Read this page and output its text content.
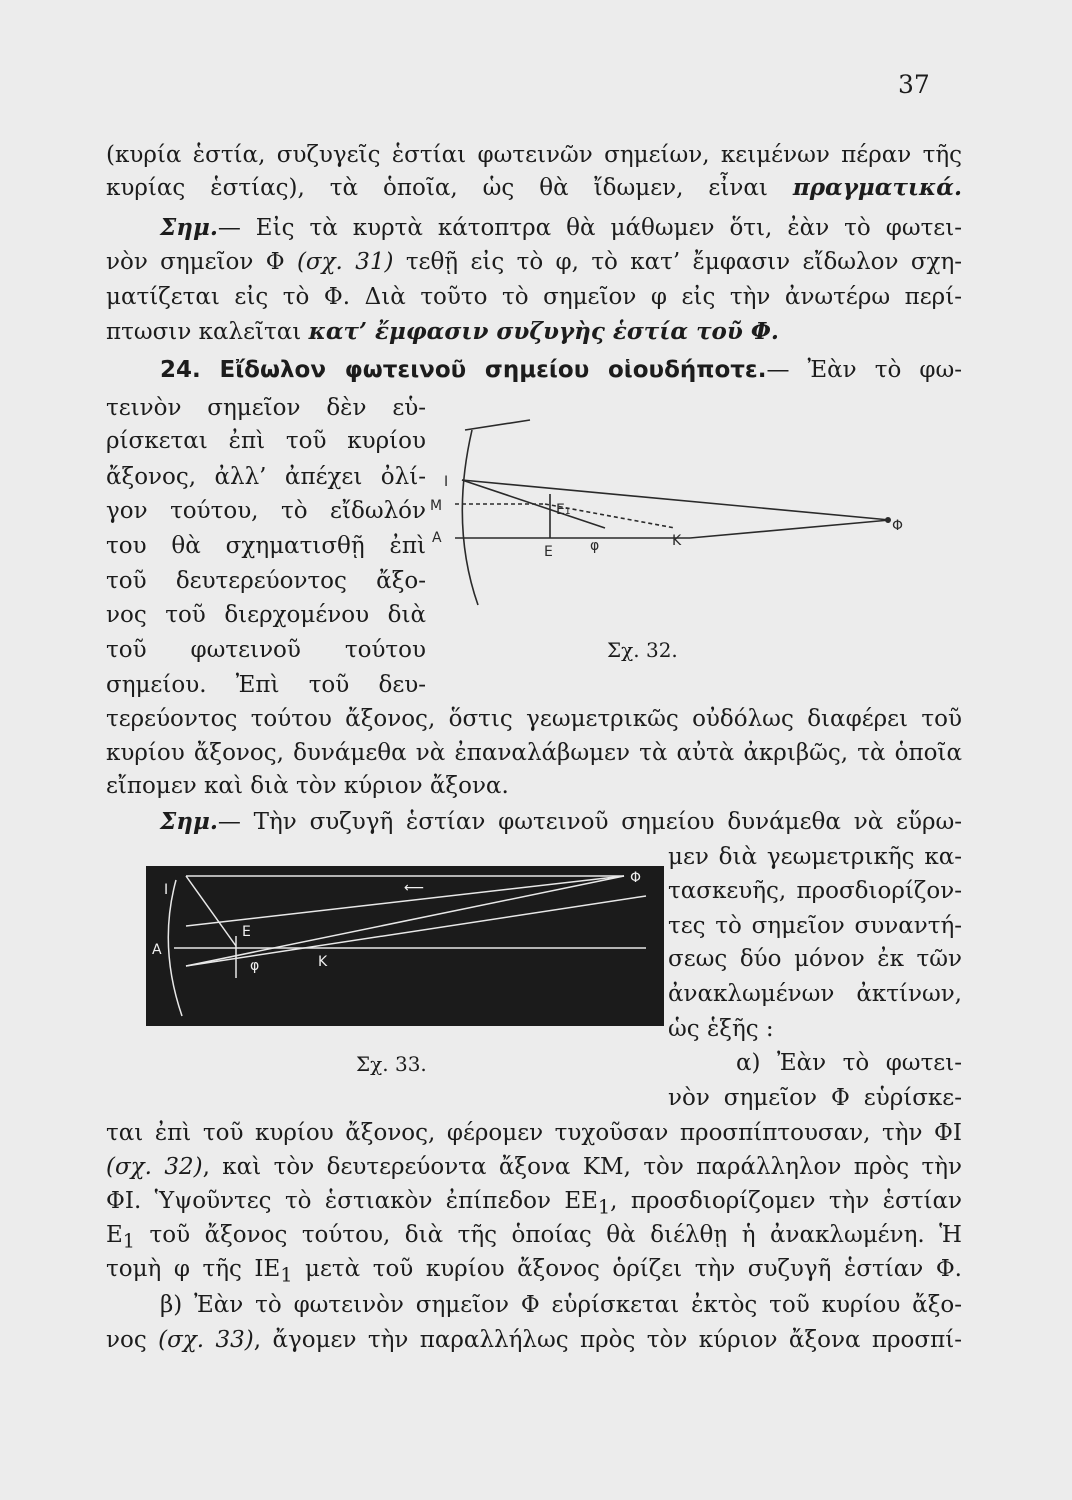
37
(κυρία ἑστία, συζυγεῖς ἑστίαι φωτεινῶν σημείων, κειμένων πέραν τῆς
κυρίας ἑστίας), τὰ ὁποῖα, ὡς θὰ ἴδωμεν, εἶναι πραγματικά.
Σημ.— Εἰς τὰ κυρτὰ κάτοπτρα θὰ μάθωμεν ὅτι, ἐὰν τὸ φωτει-
νὸν σημεῖον Φ (σχ. 31) τεθῇ εἰς τὸ φ, τὸ κατ’ ἔμφασιν εἴδωλον σχη-
ματίζεται εἰς τὸ Φ. Διὰ τοῦτο τὸ σημεῖον φ εἰς τὴν ἀνωτέρω περί-
πτωσιν καλεῖται κατ’ ἔμφασιν συζυγὴς ἑστία τοῦ Φ.
24. Εἴδωλον φωτεινοῦ σημείου οἱουδήποτε.— Ἐὰν τὸ φω-
τεινὸν σημεῖον δὲν εὑ-
ρίσκεται ἐπὶ τοῦ κυρίου
ἄξονος, ἀλλ’ ἀπέχει ὀλί-
γον τούτου, τὸ εἴδωλόν
του θὰ σχηματισθῇ ἐπὶ
τοῦ δευτερεύοντος ἄξο-
νος τοῦ διερχομένου διὰ
τοῦ φωτεινοῦ τούτου
σημείου. Ἐπὶ τοῦ δευ-
τερεύοντος τούτου ἄξονος, ὅστις γεωμετρικῶς οὐδόλως διαφέρει τοῦ
κυρίου ἄξονος, δυνάμεθα νὰ ἐπαναλάβωμεν τὰ αὐτὰ ἀκριβῶς, τὰ ὁποῖα
εἴπομεν καὶ διὰ τὸν κύριον ἄξονα.
Σημ.— Τὴν συζυγῆ ἑστίαν φωτεινοῦ σημείου δυνάμεθα νὰ εὕρω-
μεν διὰ γεωμετρικῆς κα-
τασκευῆς, προσδιορίζον-
τες τὸ σημεῖον συναντή-
σεως δύο μόνον ἐκ τῶν
ἀνακλωμένων ἀκτίνων,
ὡς ἑξῆς :
α) Ἐὰν τὸ φωτει-
νὸν σημεῖον Φ εὑρίσκε-
ται ἐπὶ τοῦ κυρίου ἄξονος, φέρομεν τυχοῦσαν προσπίπτουσαν, τὴν ΦΙ
(σχ. 32), καὶ τὸν δευτερεύοντα ἄξονα ΚΜ, τὸν παράλληλον πρὸς τὴν
ΦΙ. Ὑψοῦντες τὸ ἑστιακὸν ἐπίπεδον $EE_1$, προσδιορίζομεν τὴν ἑστίαν
$E_1$ τοῦ ἄξονος τούτου, διὰ τῆς ὁποίας θὰ διέλθῃ ἡ ἀνακλωμένη. Ἡ
τομὴ φ τῆς $IE_1$ μετὰ τοῦ κυρίου ἄξονος ὁρίζει τὴν συζυγῆ ἑστίαν Φ.
β) Ἐὰν τὸ φωτεινὸν σημεῖον Φ εὑρίσκεται ἐκτὸς τοῦ κυρίου ἄξο-
νος (σχ. 33), ἄγομεν τὴν παραλλήλως πρὸς τὸν κύριον ἄξονα προσπί-
I
M
A
E₁
E	φ	K
Φ
Σχ. 32.
I
A
E
φ	K
Φ
⟵
Σχ. 33.
